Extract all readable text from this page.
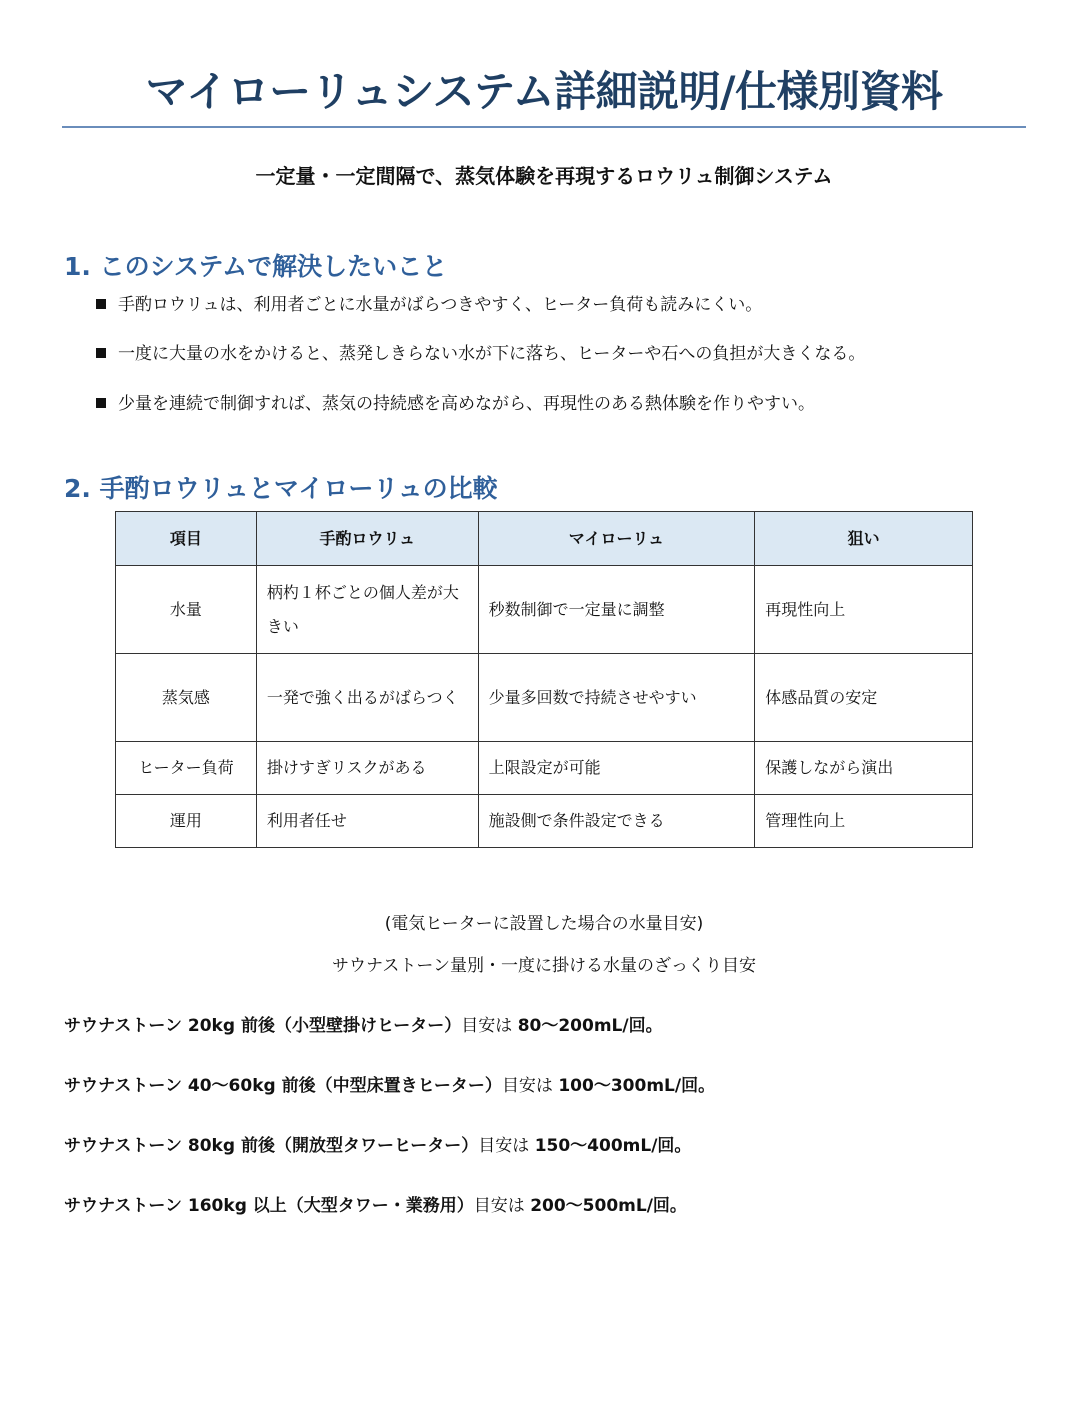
マイローリュシステム詳細説明/仕様別資料
一定量・一定間隔で、蒸気体験を再現するロウリュ制御システム
1. このシステムで解決したいこと
手酌ロウリュは、利用者ごとに水量がばらつきやすく、ヒーター負荷も読みにくい。
一度に大量の水をかけると、蒸発しきらない水が下に落ち、ヒーターや石への負担が大きくなる。
少量を連続で制御すれば、蒸気の持続感を高めながら、再現性のある熱体験を作りやすい。
2. 手酌ロウリュとマイローリュの比較
項目	手酌ロウリュ	マイローリュ	狙い
水量	柄杓１杯ごとの個人差が大きい	秒数制御で一定量に調整	再現性向上
蒸気感	一発で強く出るがばらつく	少量多回数で持続させやすい	体感品質の安定
ヒーター負荷	掛けすぎリスクがある	上限設定が可能	保護しながら演出
運用	利用者任せ	施設側で条件設定できる	管理性向上
(電気ヒーターに設置した場合の水量目安)
サウナストーン量別・一度に掛ける水量のざっくり目安
サウナストーン 20kg 前後（小型壁掛けヒーター）目安は 80～200mL/回。
サウナストーン 40～60kg 前後（中型床置きヒーター）目安は 100～300mL/回。
サウナストーン 80kg 前後（開放型タワーヒーター）目安は 150～400mL/回。
サウナストーン 160kg 以上（大型タワー・業務用）目安は 200～500mL/回。
